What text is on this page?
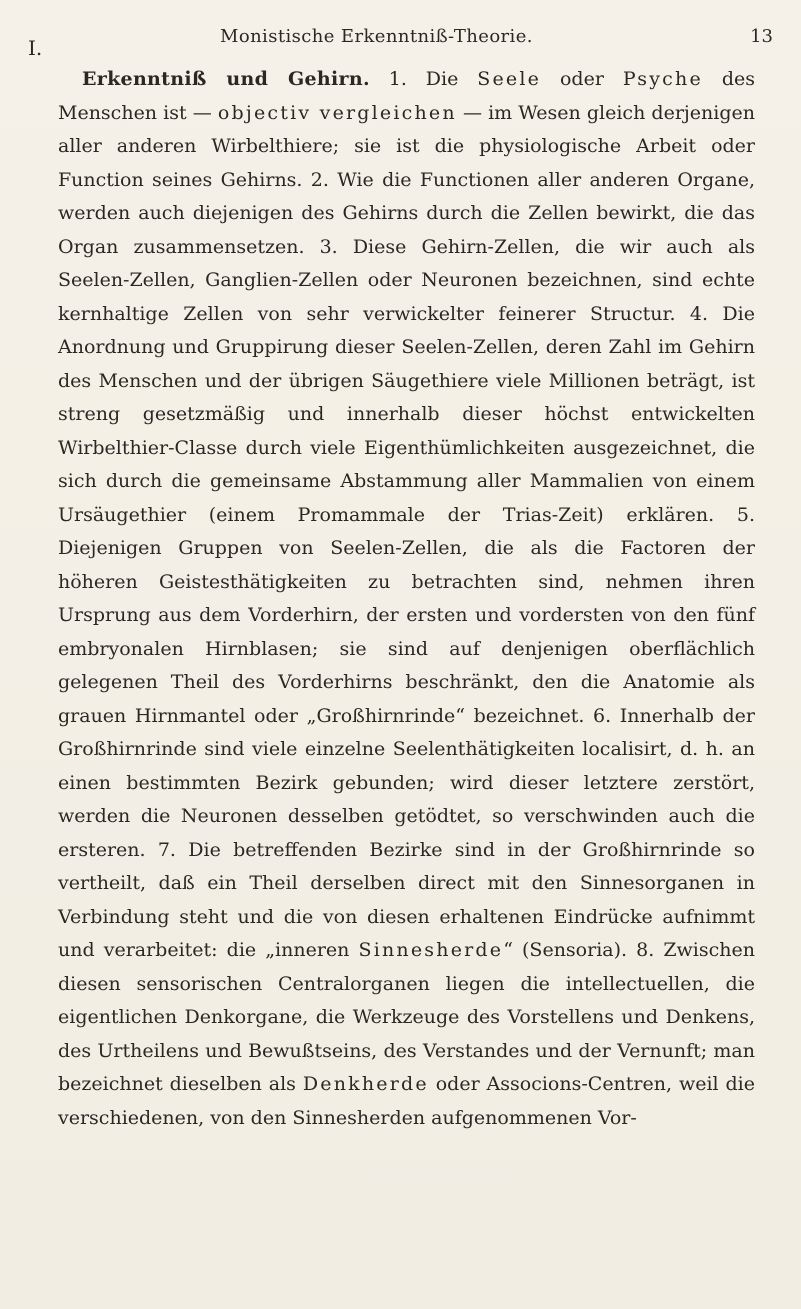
I.	Monistische Erkenntniß-Theorie.	13

Erkenntniß und Gehirn. 1. Die Seele oder Psyche des Menschen ist — objectiv vergleichen — im Wesen gleich derjenigen aller anderen Wirbelthiere; sie ist die physiologische Arbeit oder Function seines Gehirns. 2. Wie die Functionen aller anderen Organe, werden auch diejenigen des Gehirns durch die Zellen bewirkt, die das Organ zusammensetzen. 3. Diese Gehirn-Zellen, die wir auch als Seelen-Zellen, Ganglien-Zellen oder Neuronen bezeichnen, sind echte kernhaltige Zellen von sehr verwickelter feinerer Structur. 4. Die Anordnung und Gruppirung dieser Seelen-Zellen, deren Zahl im Gehirn des Menschen und der übrigen Säugethiere viele Millionen beträgt, ist streng gesetzmäßig und innerhalb dieser höchst entwickelten Wirbelthier-Classe durch viele Eigenthümlichkeiten ausgezeichnet, die sich durch die gemeinsame Abstammung aller Mammalien von einem Ursäugethier (einem Promammale der Trias-Zeit) erklären. 5. Diejenigen Gruppen von Seelen-Zellen, die als die Factoren der höheren Geistesthätigkeiten zu betrachten sind, nehmen ihren Ursprung aus dem Vorderhirn, der ersten und vordersten von den fünf embryonalen Hirnblasen; sie sind auf denjenigen oberflächlich gelegenen Theil des Vorderhirns beschränkt, den die Anatomie als grauen Hirnmantel oder „Großhirnrinde“ bezeichnet. 6. Innerhalb der Großhirnrinde sind viele einzelne Seelenthätigkeiten localisirt, d. h. an einen bestimmten Bezirk gebunden; wird dieser letztere zerstört, werden die Neuronen desselben getödtet, so verschwinden auch die ersteren. 7. Die betreffenden Bezirke sind in der Großhirnrinde so vertheilt, daß ein Theil derselben direct mit den Sinnesorganen in Verbindung steht und die von diesen erhaltenen Eindrücke aufnimmt und verarbeitet: die „inneren Sinnesherde“ (Sensoria). 8. Zwischen diesen sensorischen Centralorganen liegen die intellectuellen, die eigentlichen Denkorgane, die Werkzeuge des Vorstellens und Denkens, des Urtheilens und Bewußtseins, des Verstandes und der Vernunft; man bezeichnet dieselben als Denkherde oder Associons-Centren, weil die verschiedenen, von den Sinnesherden aufgenommenen Vor-
